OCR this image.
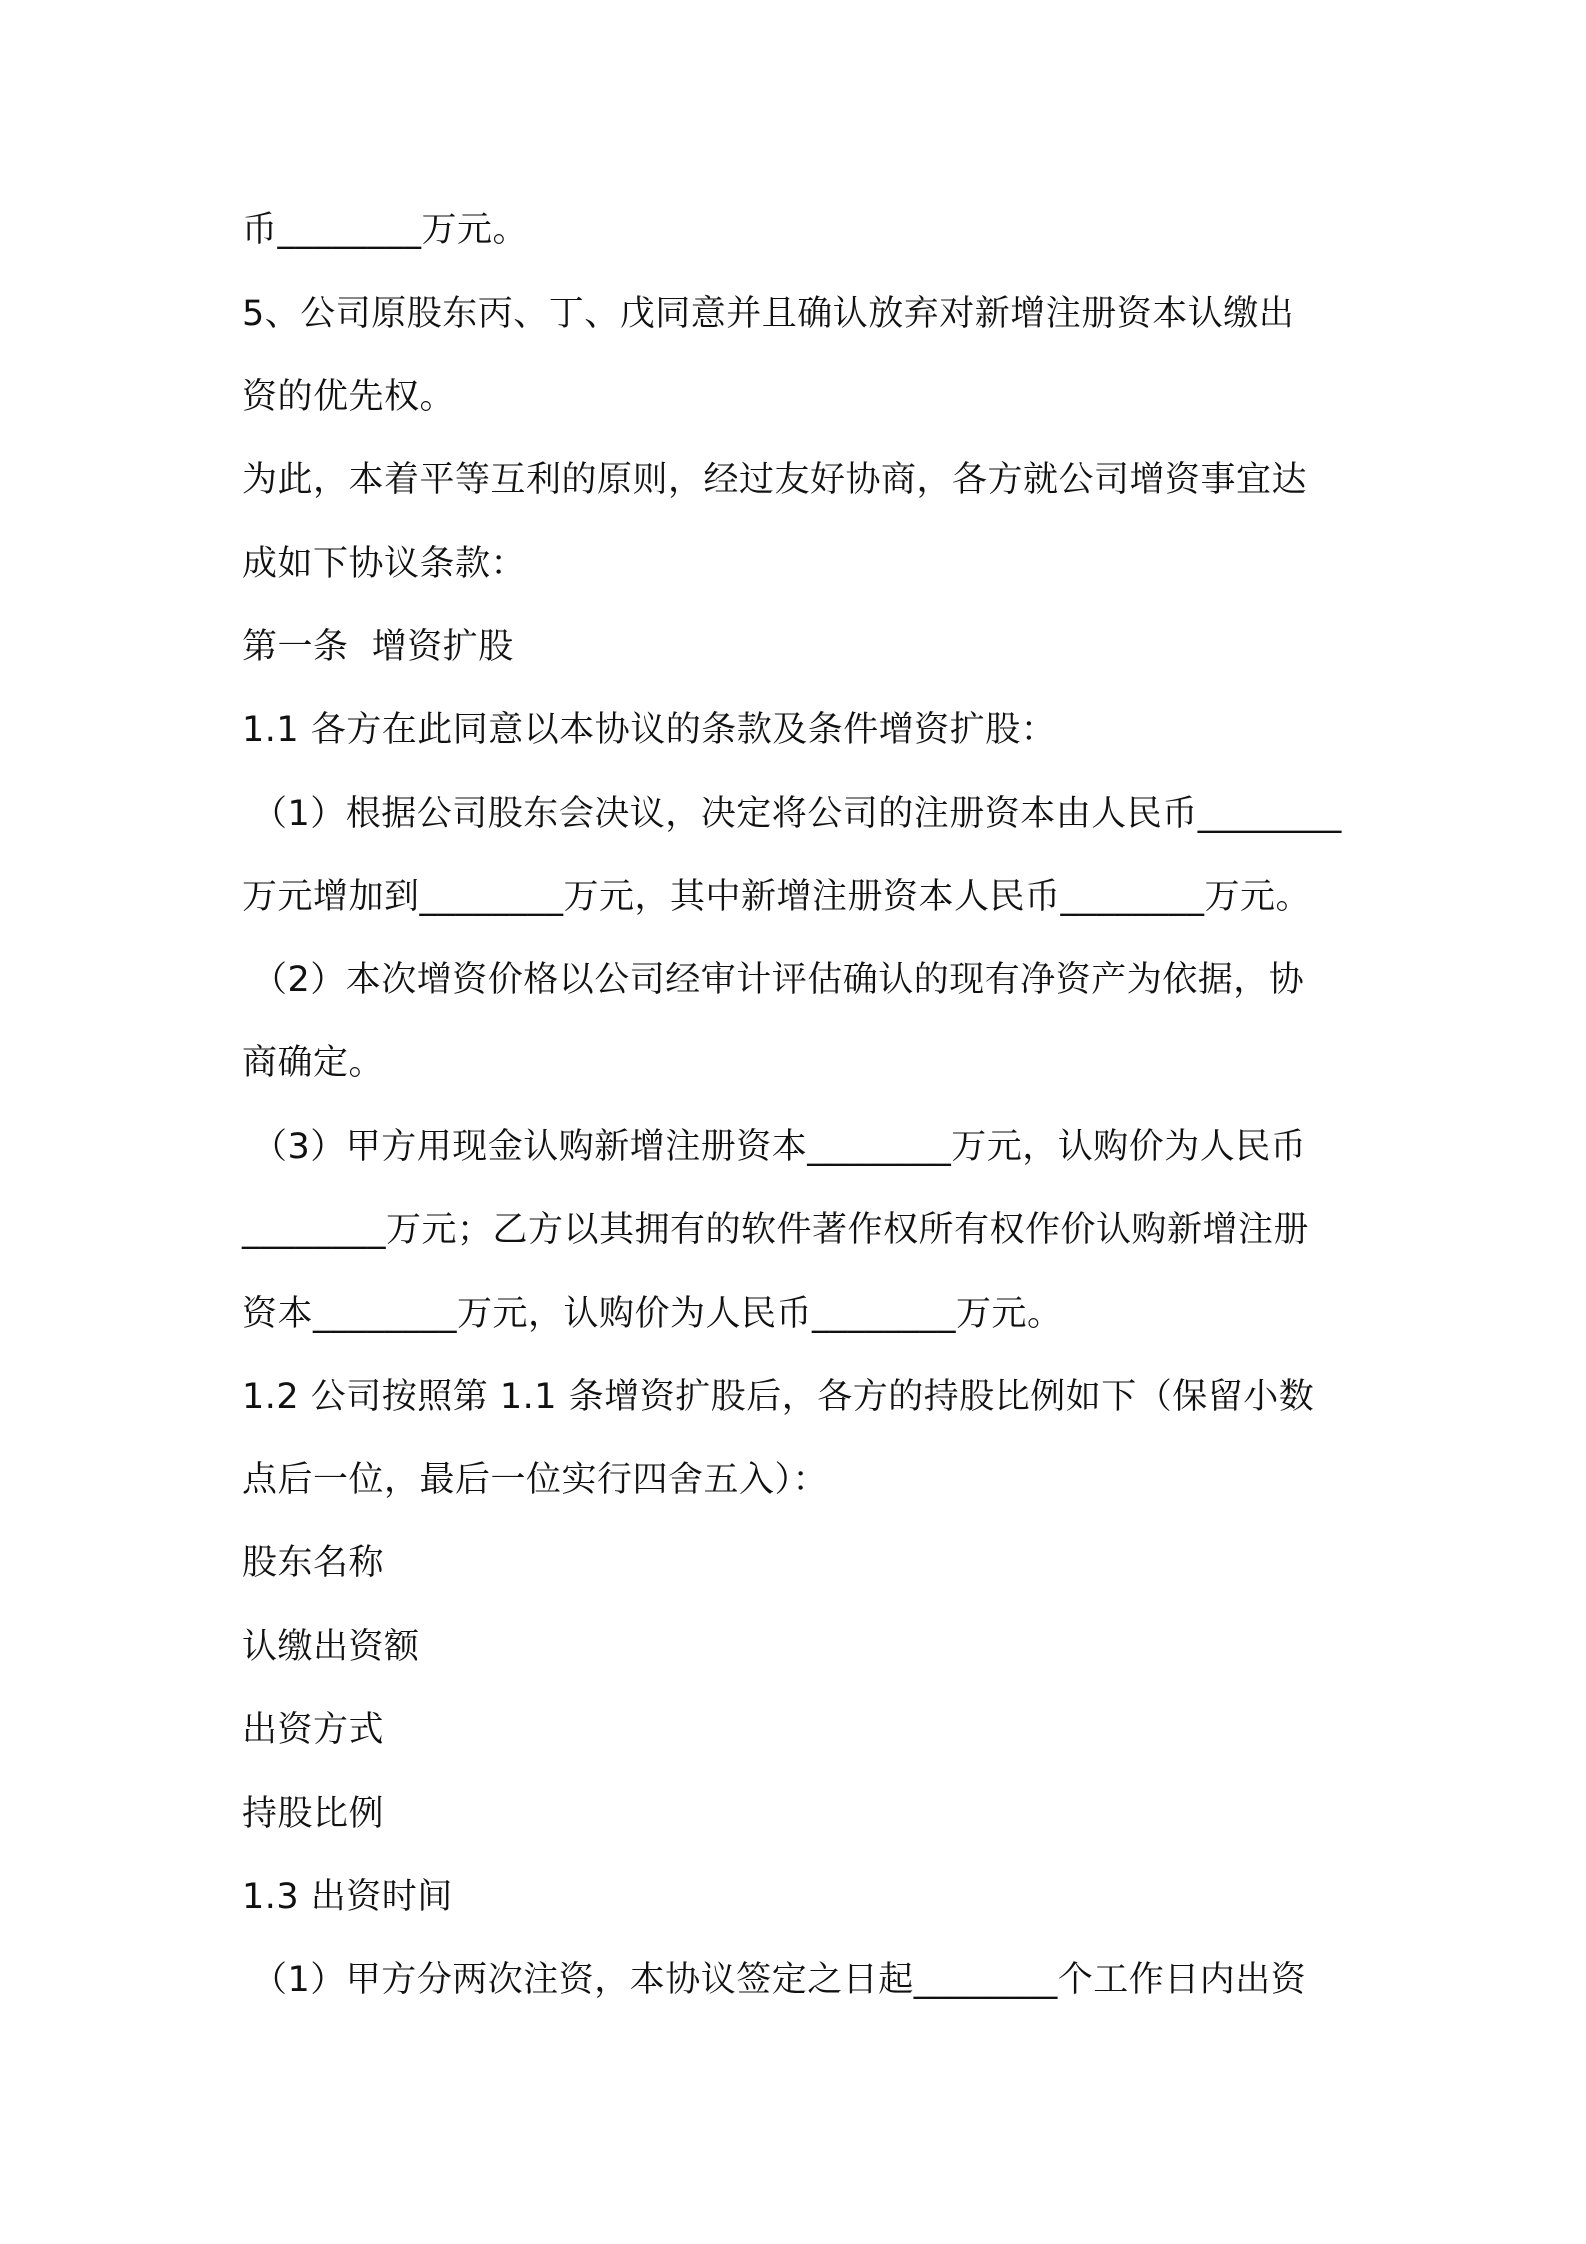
币________万元。
5、公司原股东丙、丁、戊同意并且确认放弃对新增注册资本认缴出
资的优先权。
为此，本着平等互利的原则，经过友好协商，各方就公司增资事宜达
成如下协议条款：
第一条  增资扩股
1.1 各方在此同意以本协议的条款及条件增资扩股：
（1）根据公司股东会决议，决定将公司的注册资本由人民币________
万元增加到________万元，其中新增注册资本人民币________万元。
（2）本次增资价格以公司经审计评估确认的现有净资产为依据，协
商确定。
（3）甲方用现金认购新增注册资本________万元，认购价为人民币
________万元；乙方以其拥有的软件著作权所有权作价认购新增注册
资本________万元，认购价为人民币________万元。
1.2 公司按照第 1.1 条增资扩股后，各方的持股比例如下（保留小数
点后一位，最后一位实行四舍五入）：
股东名称
认缴出资额
出资方式
持股比例
1.3 出资时间
（1）甲方分两次注资，本协议签定之日起________个工作日内出资
